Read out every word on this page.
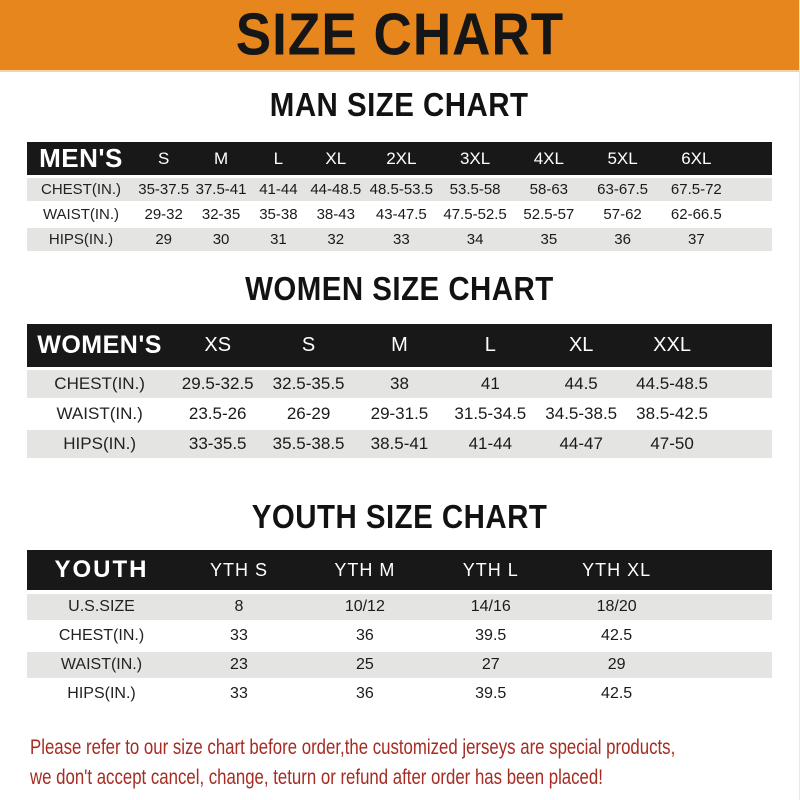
SIZE CHART
MAN SIZE CHART
MEN'S	S	M	L	XL	2XL	3XL	4XL	5XL	6XL
CHEST(IN.)	35-37.5 37.5-41 41-44 44-48.5 48.5-53.5	53.5-58	58-63	63-67.5	67.5-72
WAIST(IN.)	29-32	32-35	35-38	38-43	43-47.5	47.5-52.5	52.5-57	57-62	62-66.5
HIPS(IN.)	29	30	31	32	33	34	35	36	37
WOMEN SIZE CHART
WOMEN'S	XS	S	M	L	XL	XXL
CHEST(IN.)	29.5-32.5	32.5-35.5	38	41	44.5	44.5-48.5
WAIST(IN.)	23.5-26	26-29	29-31.5	31.5-34.5	34.5-38.5	38.5-42.5
HIPS(IN.)	33-35.5	35.5-38.5	38.5-41	41-44	44-47	47-50
YOUTH SIZE CHART
YOUTH	YTH S	YTH M	YTH L	YTH XL
U.S.SIZE	8	10/12	14/16	18/20
CHEST(IN.)	33	36	39.5	42.5
WAIST(IN.)	23	25	27	29
HIPS(IN.)	33	36	39.5	42.5
Please refer to our size chart before order,the customized jerseys are special products,
we don't accept cancel, change, teturn or refund after order has been placed!
